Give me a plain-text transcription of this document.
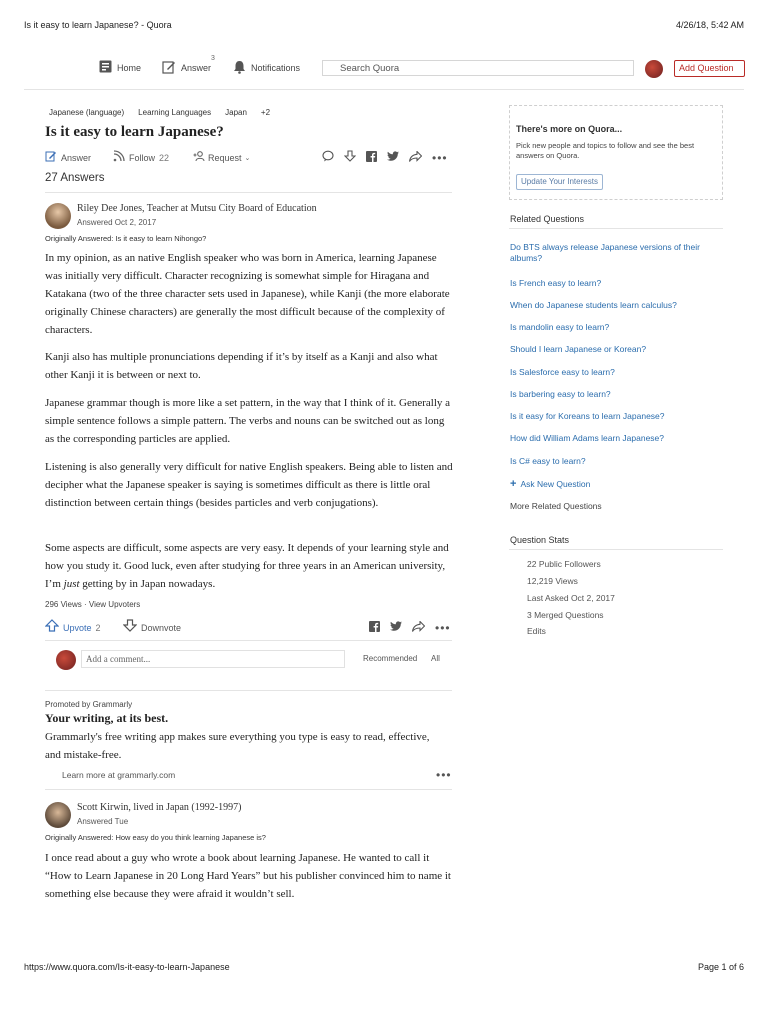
Is it easy to learn Japanese? - Quora	4/26/18, 5:42 AM
Home	Answer
3
Notifications	Search Quora	Add Question
Japanese (language) Learning Languages Japan +2
Is it easy to learn Japanese?
Answer	Follow 22	Request ⌄	•••
27 Answers
Riley Dee Jones, Teacher at Mutsu City Board of Education
Answered Oct 2, 2017
Originally Answered: Is it easy to learn Nihongo?
In my opinion, as an native English speaker who was born in America, learning Japanese was initially very difficult. Character recognizing is somewhat simple for Hiragana and Katakana (two of the three character sets used in Japanese), while Kanji (the more elaborate originally Chinese characters) are generally the most difficult because of the complexity of characters.
Kanji also has multiple pronunciations depending if it’s by itself as a Kanji and also what other Kanji it is between or next to.
Japanese grammar though is more like a set pattern, in the way that I think of it. Generally a simple sentence follows a simple pattern. The verbs and nouns can be switched out as long as the corresponding particles are applied.
Listening is also generally very difficult for native English speakers. Being able to listen and decipher what the Japanese speaker is saying is sometimes difficult as there is little oral distinction between certain things (besides particles and verb conjugations).
Some aspects are difficult, some aspects are very easy. It depends of your learning style and how you study it. Good luck, even after studying for three years in an American university, I’m just getting by in Japan nowadays.
296 Views · View Upvoters
Upvote 2	Downvote	•••
Add a comment...	Recommended All
Promoted by Grammarly
Your writing, at its best.
Grammarly's free writing app makes sure everything you type is easy to read, effective, and mistake-free.
Learn more at grammarly.com	•••
Scott Kirwin, lived in Japan (1992-1997)
Answered Tue
Originally Answered: How easy do you think learning Japanese is?
I once read about a guy who wrote a book about learning Japanese. He wanted to call it “How to Learn Japanese in 20 Long Hard Years” but his publisher convinced him to name it something else because they were afraid it wouldn’t sell.
There's more on Quora...
Pick new people and topics to follow and see the best answers on Quora.
Update Your Interests
Related Questions
Do BTS always release Japanese versions of their albums?
Is French easy to learn?
When do Japanese students learn calculus?
Is mandolin easy to learn?
Should I learn Japanese or Korean?
Is Salesforce easy to learn?
Is barbering easy to learn?
Is it easy for Koreans to learn Japanese?
How did William Adams learn Japanese?
Is C# easy to learn?
+ Ask New Question
More Related Questions
Question Stats
22 Public Followers
12,219 Views
Last Asked Oct 2, 2017
3 Merged Questions
Edits
https://www.quora.com/Is-it-easy-to-learn-Japanese	Page 1 of 6
